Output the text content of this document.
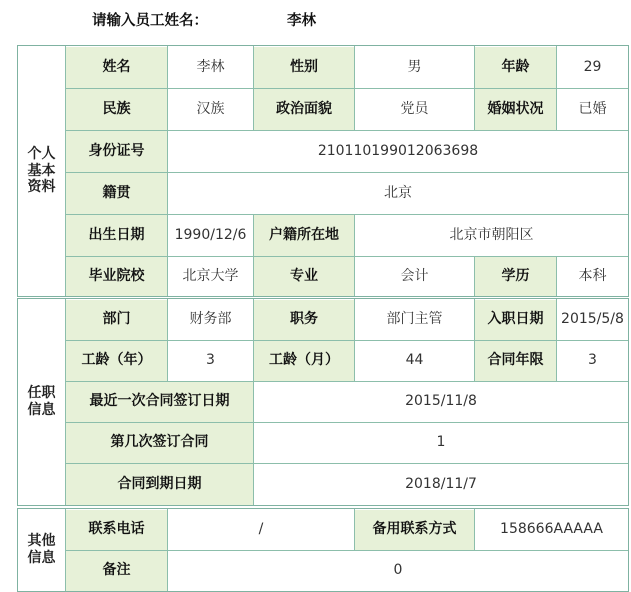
请输入员工姓名：	李林
个人基本资料
姓名	李林	性别	男	年龄	29
民族	汉族	政治面貌	党员	婚姻状况	已婚
身份证号	210110199012063698
籍贯	北京
出生日期	1990/12/6	户籍所在地	北京市朝阳区
毕业院校	北京大学	专业	会计	学历	本科
任职信息
部门	财务部	职务	部门主管	入职日期	2015/5/8
工龄（年）	3	工龄（月）	44	合同年限	3
最近一次合同签订日期	2015/11/8
第几次签订合同	1
合同到期日期	2018/11/7
其他信息
联系电话	/	备用联系方式	158666AAAAA
备注	0
